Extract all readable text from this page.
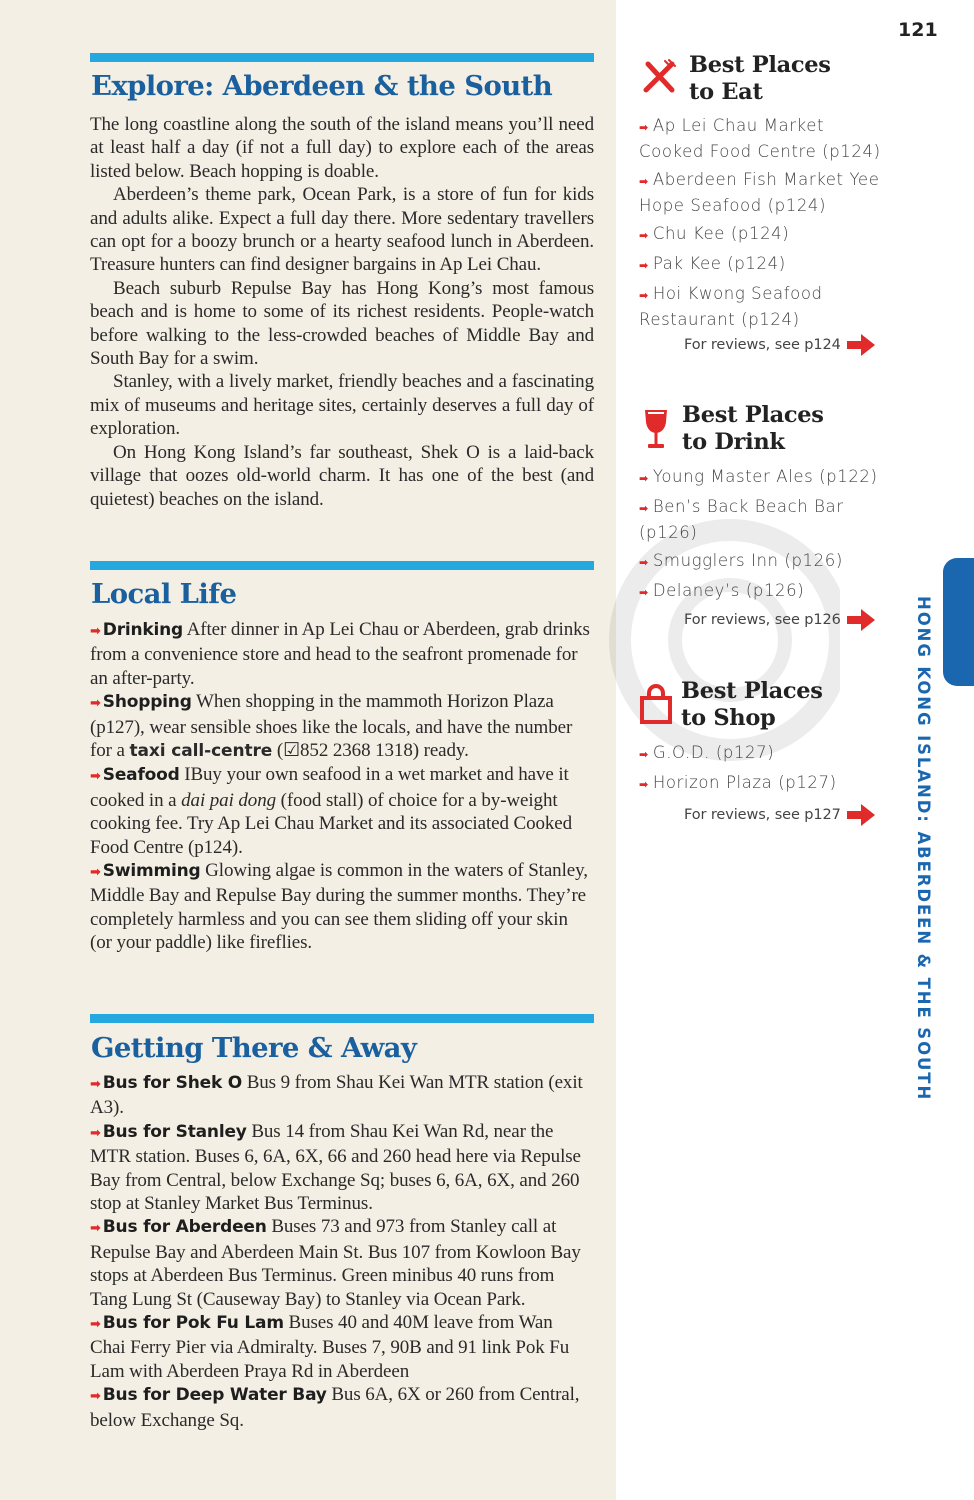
Explore: Aberdeen & the South

The long coastline along the south of the island means you’ll need at least half a day (if not a full day) to explore each of the areas listed below. Beach hopping is doable.

Aberdeen’s theme park, Ocean Park, is a store of fun for kids and adults alike. Expect a full day there. More sedentary travellers can opt for a boozy brunch or a hearty seafood lunch in Aberdeen. Treasure hunters can find designer bargains in Ap Lei Chau.

Beach suburb Repulse Bay has Hong Kong’s most famous beach and is home to some of its richest residents. People-watch before walking to the less-crowded beaches of Middle Bay and South Bay for a swim.

Stanley, with a lively market, friendly beaches and a fascinating mix of museums and heritage sites, certainly deserves a full day of exploration.

On Hong Kong Island’s far southeast, Shek O is a laid-back village that oozes old-world charm. It has one of the best (and quietest) beaches on the island.

Local Life

➡ Drinking After dinner in Ap Lei Chau or Aberdeen, grab drinks from a convenience store and head to the seafront promenade for an after-party.

➡ Shopping When shopping in the mammoth Horizon Plaza (p127), wear sensible shoes like the locals, and have the number for a taxi call-centre (☑852 2368 1318) ready.

➡ Seafood IBuy your own seafood in a wet market and have it cooked in a dai pai dong (food stall) of choice for a by-weight cooking fee. Try Ap Lei Chau Market and its associated Cooked Food Centre (p124).

➡ Swimming Glowing algae is common in the waters of Stanley, Middle Bay and Repulse Bay during the summer months. They’re completely harmless and you can see them sliding off your skin (or your paddle) like fireflies.

Getting There & Away

➡ Bus for Shek O Bus 9 from Shau Kei Wan MTR station (exit A3).

➡ Bus for Stanley Bus 14 from Shau Kei Wan Rd, near the MTR station. Buses 6, 6A, 6X, 66 and 260 head here via Repulse Bay from Central, below Exchange Sq; buses 6, 6A, 6X, and 260 stop at Stanley Market Bus Terminus.

➡ Bus for Aberdeen Buses 73 and 973 from Stanley call at Repulse Bay and Aberdeen Main St. Bus 107 from Kowloon Bay stops at Aberdeen Bus Terminus. Green minibus 40 runs from Tang Lung St (Causeway Bay) to Stanley via Ocean Park.

➡ Bus for Pok Fu Lam Buses 40 and 40M leave from Wan Chai Ferry Pier via Admiralty. Buses 7, 90B and 91 link Pok Fu Lam with Aberdeen Praya Rd in Aberdeen

➡ Bus for Deep Water Bay Bus 6A, 6X or 260 from Central, below Exchange Sq.

121
Best Places
to Eat
➡ Ap Lei Chau Market Cooked Food Centre (p124)
➡ Aberdeen Fish Market Yee Hope Seafood (p124)
➡ Chu Kee (p124)
➡ Pak Kee (p124)
➡ Hoi Kwong Seafood Restaurant (p124)
For reviews, see p124
Best Places
to Drink
➡ Young Master Ales (p122)
➡ Ben’s Back Beach Bar (p126)
➡ Smugglers Inn (p126)
➡ Delaney’s (p126)
For reviews, see p126
Best Places
to Shop
➡ G.O.D. (p127)
➡ Horizon Plaza (p127)
For reviews, see p127	HONG KONG ISLAND: ABERDEEN & THE SOUTH
